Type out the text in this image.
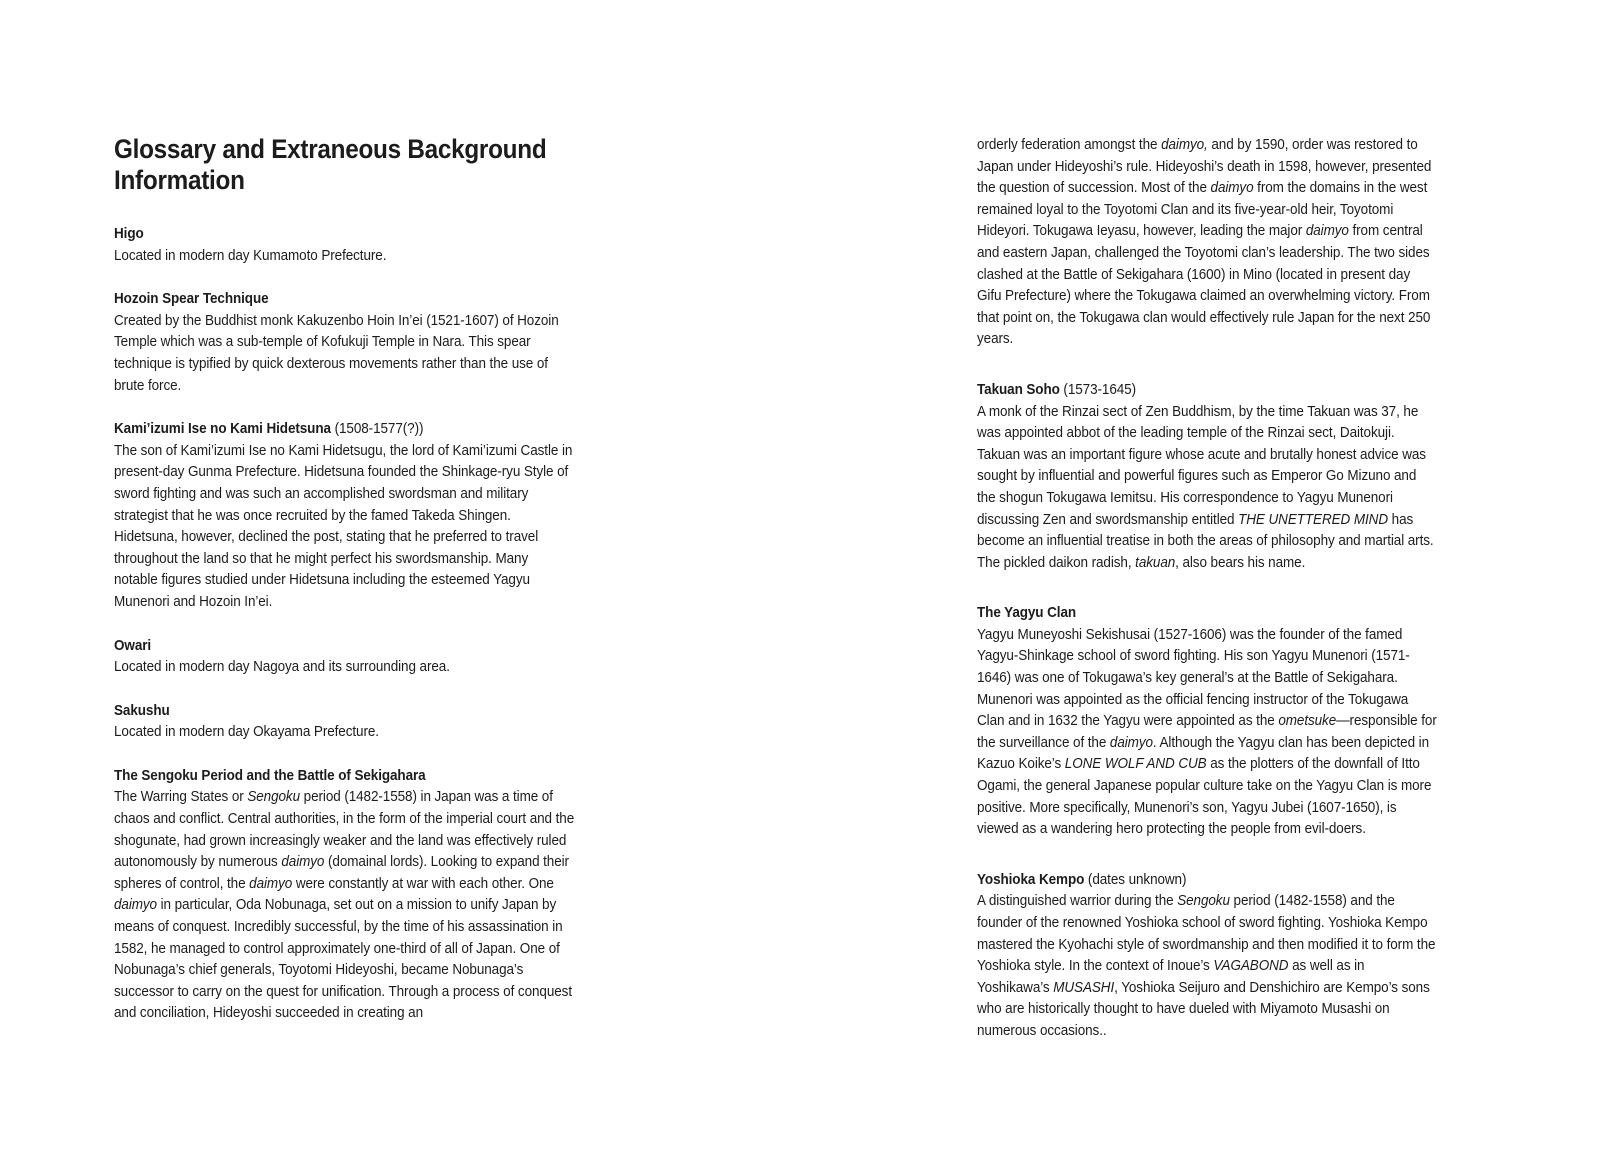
Glossary and Extraneous Background Information
Higo

Located in modern day Kumamoto Prefecture.

Hozoin Spear Technique

Created by the Buddhist monk Kakuzenbo Hoin In’ei (1521-1607) of Hozoin Temple which was a sub-temple of Kofukuji Temple in Nara. This spear technique is typified by quick dexterous movements rather than the use of brute force.

Kami’izumi Ise no Kami Hidetsuna (1508-1577(?))

The son of Kami’izumi Ise no Kami Hidetsugu, the lord of Kami’izumi Castle in present-day Gunma Prefecture. Hidetsuna founded the Shinkage-ryu Style of sword fighting and was such an accomplished swordsman and military strategist that he was once recruited by the famed Takeda Shingen. Hidetsuna, however, declined the post, stating that he preferred to travel throughout the land so that he might perfect his swordsmanship. Many notable figures studied under Hidetsuna including the esteemed Yagyu Munenori and Hozoin In’ei.

Owari

Located in modern day Nagoya and its surrounding area.

Sakushu

Located in modern day Okayama Prefecture.

The Sengoku Period and the Battle of Sekigahara

The Warring States or Sengoku period (1482-1558) in Japan was a time of chaos and conflict. Central authorities, in the form of the imperial court and the shogunate, had grown increasingly weaker and the land was effectively ruled autonomously by numerous daimyo (domainal lords). Looking to expand their spheres of control, the daimyo were constantly at war with each other. One daimyo in particular, Oda Nobunaga, set out on a mission to unify Japan by means of conquest. Incredibly successful, by the time of his assassination in 1582, he managed to control approximately one-third of all of Japan. One of Nobunaga’s chief generals, Toyotomi Hideyoshi, became Nobunaga’s successor to carry on the quest for unification. Through a process of conquest and conciliation, Hideyoshi succeeded in creating an

orderly federation amongst the daimyo, and by 1590, order was restored to Japan under Hideyoshi’s rule. Hideyoshi’s death in 1598, however, presented the question of succession. Most of the daimyo from the domains in the west remained loyal to the Toyotomi Clan and its five-year-old heir, Toyotomi Hideyori. Tokugawa Ieyasu, however, leading the major daimyo from central and eastern Japan, challenged the Toyotomi clan’s leadership. The two sides clashed at the Battle of Sekigahara (1600) in Mino (located in present day Gifu Prefecture) where the Tokugawa claimed an overwhelming victory. From that point on, the Tokugawa clan would effectively rule Japan for the next 250 years.

Takuan Soho (1573-1645)

A monk of the Rinzai sect of Zen Buddhism, by the time Takuan was 37, he was appointed abbot of the leading temple of the Rinzai sect, Daitokuji. Takuan was an important figure whose acute and brutally honest advice was sought by influential and powerful figures such as Emperor Go Mizuno and the shogun Tokugawa Iemitsu. His correspondence to Yagyu Munenori discussing Zen and swordsmanship entitled THE UNETTERED MIND has become an influential treatise in both the areas of philosophy and martial arts. The pickled daikon radish, takuan, also bears his name.

The Yagyu Clan

Yagyu Muneyoshi Sekishusai (1527-1606) was the founder of the famed Yagyu-Shinkage school of sword fighting. His son Yagyu Munenori (1571-1646) was one of Tokugawa’s key general’s at the Battle of Sekigahara. Munenori was appointed as the official fencing instructor of the Tokugawa Clan and in 1632 the Yagyu were appointed as the ometsuke—responsible for the surveillance of the daimyo. Although the Yagyu clan has been depicted in Kazuo Koike’s LONE WOLF AND CUB as the plotters of the downfall of Itto Ogami, the general Japanese popular culture take on the Yagyu Clan is more positive. More specifically, Munenori’s son, Yagyu Jubei (1607-1650), is viewed as a wandering hero protecting the people from evil-doers.

Yoshioka Kempo (dates unknown)

A distinguished warrior during the Sengoku period (1482-1558) and the founder of the renowned Yoshioka school of sword fighting. Yoshioka Kempo mastered the Kyohachi style of swordmanship and then modified it to form the Yoshioka style. In the context of Inoue’s VAGABOND as well as in Yoshikawa’s MUSASHI, Yoshioka Seijuro and Denshichiro are Kempo’s sons who are historically thought to have dueled with Miyamoto Musashi on numerous occasions..
